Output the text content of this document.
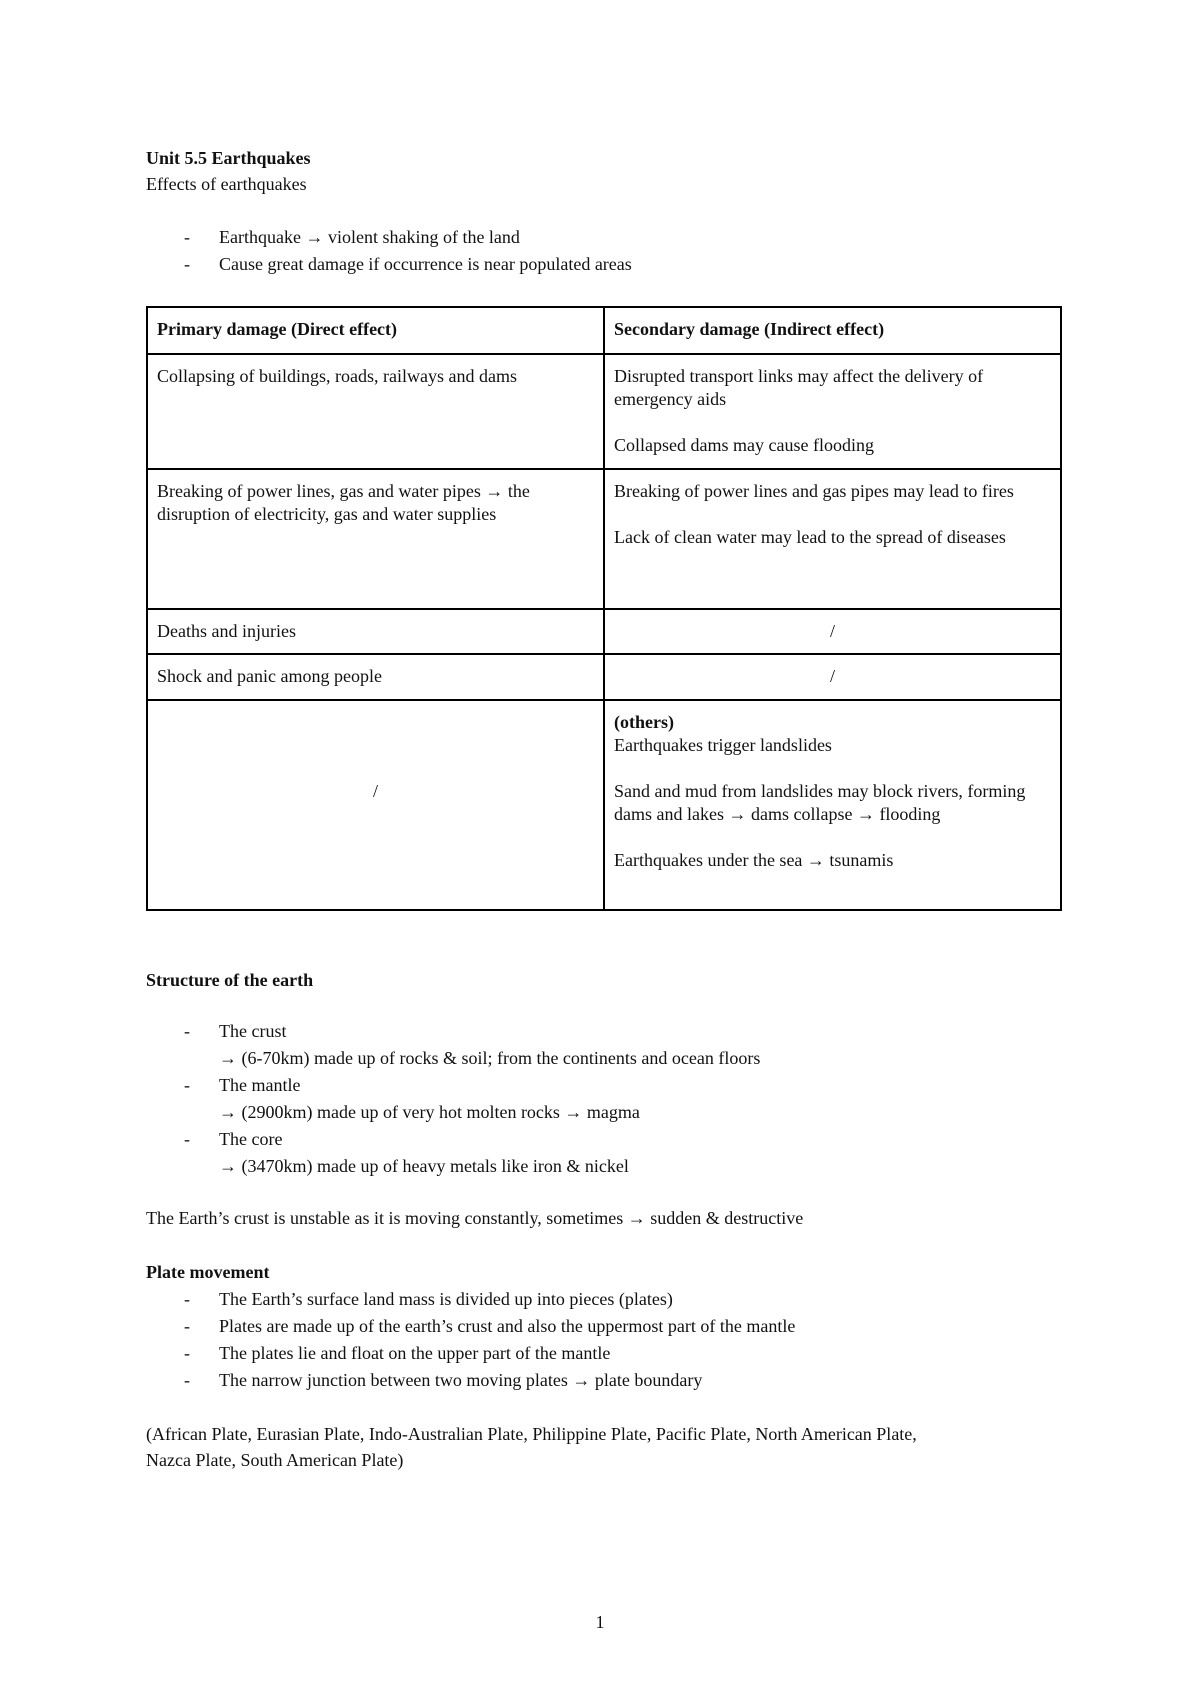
Unit 5.5 Earthquakes
Effects of earthquakes
- Earthquake → violent shaking of the land
- Cause great damage if occurrence is near populated areas
Primary damage (Direct effect)	Secondary damage (Indirect effect)

Collapsing of buildings, roads, railways and dams	Disrupted transport links may affect the delivery of emergency aids

Collapsed dams may cause flooding

Breaking of power lines, gas and water pipes → the disruption of electricity, gas and water supplies	Breaking of power lines and gas pipes may lead to fires

Lack of clean water may lead to the spread of diseases

Deaths and injuries	/

Shock and panic among people	/

/	(others)

Earthquakes trigger landslides

Sand and mud from landslides may block rivers, forming dams and lakes → dams collapse → flooding

Earthquakes under the sea → tsunamis

Structure of the earth
- The crust
→ (6-70km) made up of rocks & soil; from the continents and ocean floors
- The mantle
→ (2900km) made up of very hot molten rocks → magma
- The core
→ (3470km) made up of heavy metals like iron & nickel
The Earth’s crust is unstable as it is moving constantly, sometimes → sudden & destructive
Plate movement
- The Earth’s surface land mass is divided up into pieces (plates)
- Plates are made up of the earth’s crust and also the uppermost part of the mantle
- The plates lie and float on the upper part of the mantle
- The narrow junction between two moving plates → plate boundary
(African Plate, Eurasian Plate, Indo-Australian Plate, Philippine Plate, Pacific Plate, North American Plate,
Nazca Plate, South American Plate)
1
